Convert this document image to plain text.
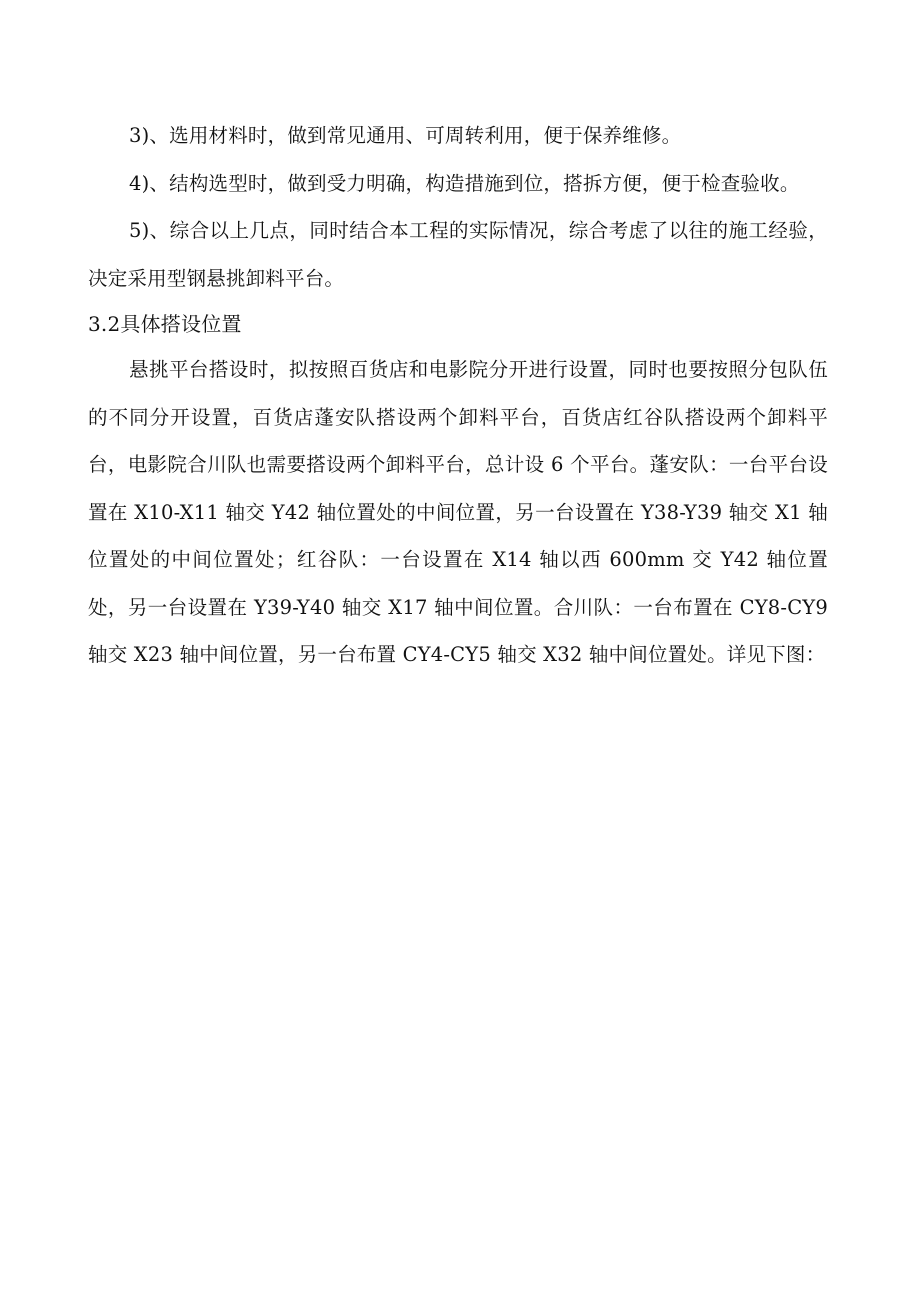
3)、选用材料时，做到常见通用、可周转利用，便于保养维修。

4)、结构选型时，做到受力明确，构造措施到位，搭拆方便，便于检查验收。

5)、综合以上几点，同时结合本工程的实际情况，综合考虑了以往的施工经验，决定采用型钢悬挑卸料平台。

3.2具体搭设位置

悬挑平台搭设时，拟按照百货店和电影院分开进行设置，同时也要按照分包队伍的不同分开设置，百货店蓬安队搭设两个卸料平台，百货店红谷队搭设两个卸料平台，电影院合川队也需要搭设两个卸料平台，总计设 6 个平台。蓬安队：一台平台设置在 X10-X11 轴交 Y42 轴位置处的中间位置，另一台设置在 Y38-Y39 轴交 X1 轴位置处的中间位置处；红谷队：一台设置在 X14 轴以西 600mm 交 Y42 轴位置处，另一台设置在 Y39-Y40 轴交 X17 轴中间位置。合川队：一台布置在 CY8-CY9 轴交 X23 轴中间位置，另一台布置 CY4-CY5 轴交 X32 轴中间位置处。详见下图：
